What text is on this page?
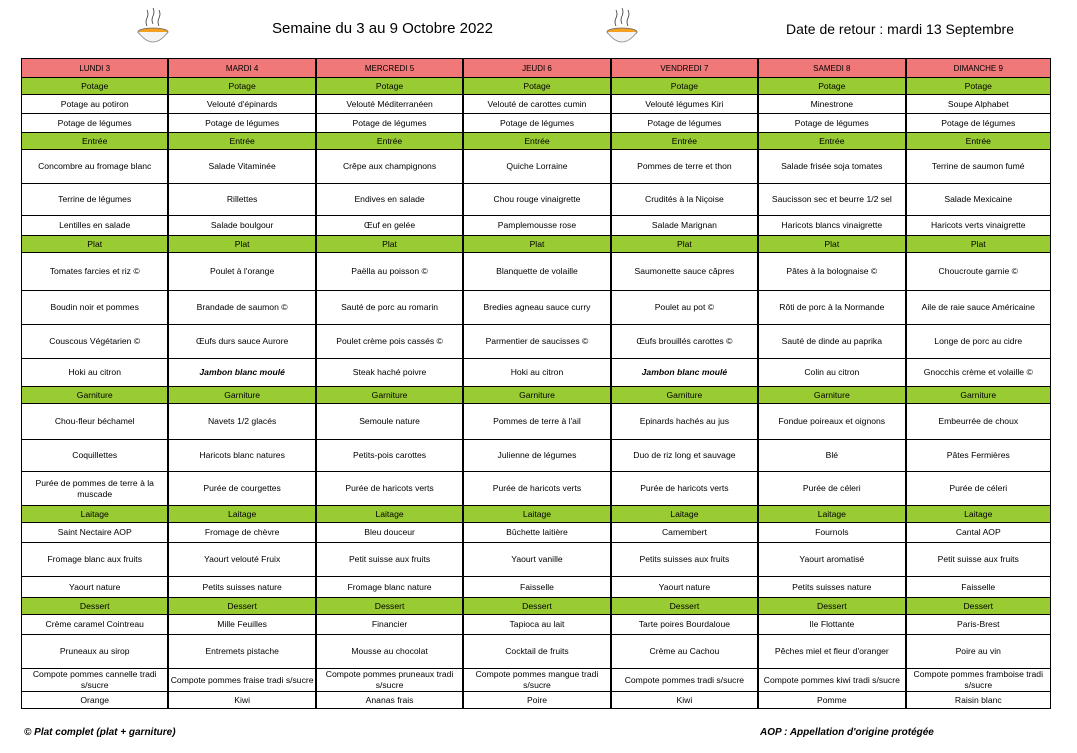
Semaine du 3 au 9 Octobre 2022	Date de retour : mardi 13 Septembre
LUNDI 3		MARDI 4		MERCREDI 5		JEUDI 6		VENDREDI 7		SAMEDI 8		DIMANCHE 9
Potage		Potage		Potage		Potage		Potage		Potage		Potage
Potage au potiron		Velouté d'épinards		Velouté Méditerranéen		Velouté de carottes cumin		Velouté légumes Kiri		Minestrone		Soupe Alphabet
Potage de légumes		Potage de légumes		Potage de légumes		Potage de légumes		Potage de légumes		Potage de légumes		Potage de légumes
Entrée		Entrée		Entrée		Entrée		Entrée		Entrée		Entrée
Concombre au fromage blanc		Salade Vitaminée		Crêpe aux champignons		Quiche Lorraine		Pommes de terre et thon		Salade frisée soja tomates		Terrine de saumon fumé
Terrine de légumes		Rillettes		Endives en salade		Chou rouge vinaigrette		Crudités à la Niçoise		Saucisson sec et beurre 1/2 sel		Salade Mexicaine
Lentilles en salade		Salade boulgour		Œuf en gelée		Pamplemousse rose		Salade Marignan		Haricots blancs vinaigrette		Haricots verts vinaigrette
Plat		Plat		Plat		Plat		Plat		Plat		Plat
Tomates farcies et riz ©		Poulet à l'orange		Paëlla au poisson ©		Blanquette de volaille		Saumonette sauce câpres		Pâtes à la bolognaise ©		Choucroute garnie ©
Boudin noir et pommes		Brandade de saumon ©		Sauté de porc au romarin		Bredies agneau sauce curry		Poulet au pot ©		Rôti de porc à la Normande		Aile de raie sauce Américaine
Couscous Végétarien ©		Œufs durs sauce Aurore		Poulet crème pois cassés ©		Parmentier de saucisses ©		Œufs brouillés carottes ©		Sauté de dinde au paprika		Longe de porc au cidre
Hoki au citron		Jambon blanc moulé		Steak haché poivre		Hoki au citron		Jambon blanc moulé		Colin au citron		Gnocchis crème et volaille ©
Garniture		Garniture		Garniture		Garniture		Garniture		Garniture		Garniture
Chou-fleur béchamel		Navets 1/2 glacés		Semoule nature		Pommes de terre à l'ail		Epinards hachés au jus		Fondue poireaux et oignons		Embeurrée de choux
Coquillettes		Haricots blanc natures		Petits-pois carottes		Julienne de légumes		Duo de riz long et sauvage		Blé		Pâtes Fermières
Purée de pommes de terre à la muscade		Purée de courgettes		Purée de haricots verts		Purée de haricots verts		Purée de haricots verts		Purée de céleri		Purée de céleri
Laitage		Laitage		Laitage		Laitage		Laitage		Laitage		Laitage
Saint Nectaire AOP		Fromage de chèvre		Bleu douceur		Bûchette laitière		Camembert		Fournols		Cantal AOP
Fromage blanc aux fruits		Yaourt velouté Fruix		Petit suisse aux fruits		Yaourt vanille		Petits suisses aux fruits		Yaourt aromatisé		Petit suisse aux fruits
Yaourt nature		Petits suisses nature		Fromage blanc nature		Faisselle		Yaourt nature		Petits suisses nature		Faisselle
Dessert		Dessert		Dessert		Dessert		Dessert		Dessert		Dessert
Crème caramel Cointreau		Mille Feuilles		Financier		Tapioca au lait		Tarte poires Bourdaloue		Ile Flottante		Paris-Brest
Pruneaux au sirop		Entremets pistache		Mousse au chocolat		Cocktail de fruits		Crème au Cachou		Pêches miel et fleur d'oranger		Poire au vin
Compote pommes cannelle tradi s/sucre		Compote pommes fraise tradi s/sucre		Compote pommes pruneaux tradi s/sucre		Compote pommes mangue tradi s/sucre		Compote pommes tradi s/sucre		Compote pommes kiwi tradi s/sucre		Compote pommes framboise tradi s/sucre
Orange		Kiwi		Ananas frais		Poire		Kiwi		Pomme		Raisin blanc
© Plat complet (plat + garniture)	AOP : Appellation d'origine protégée
